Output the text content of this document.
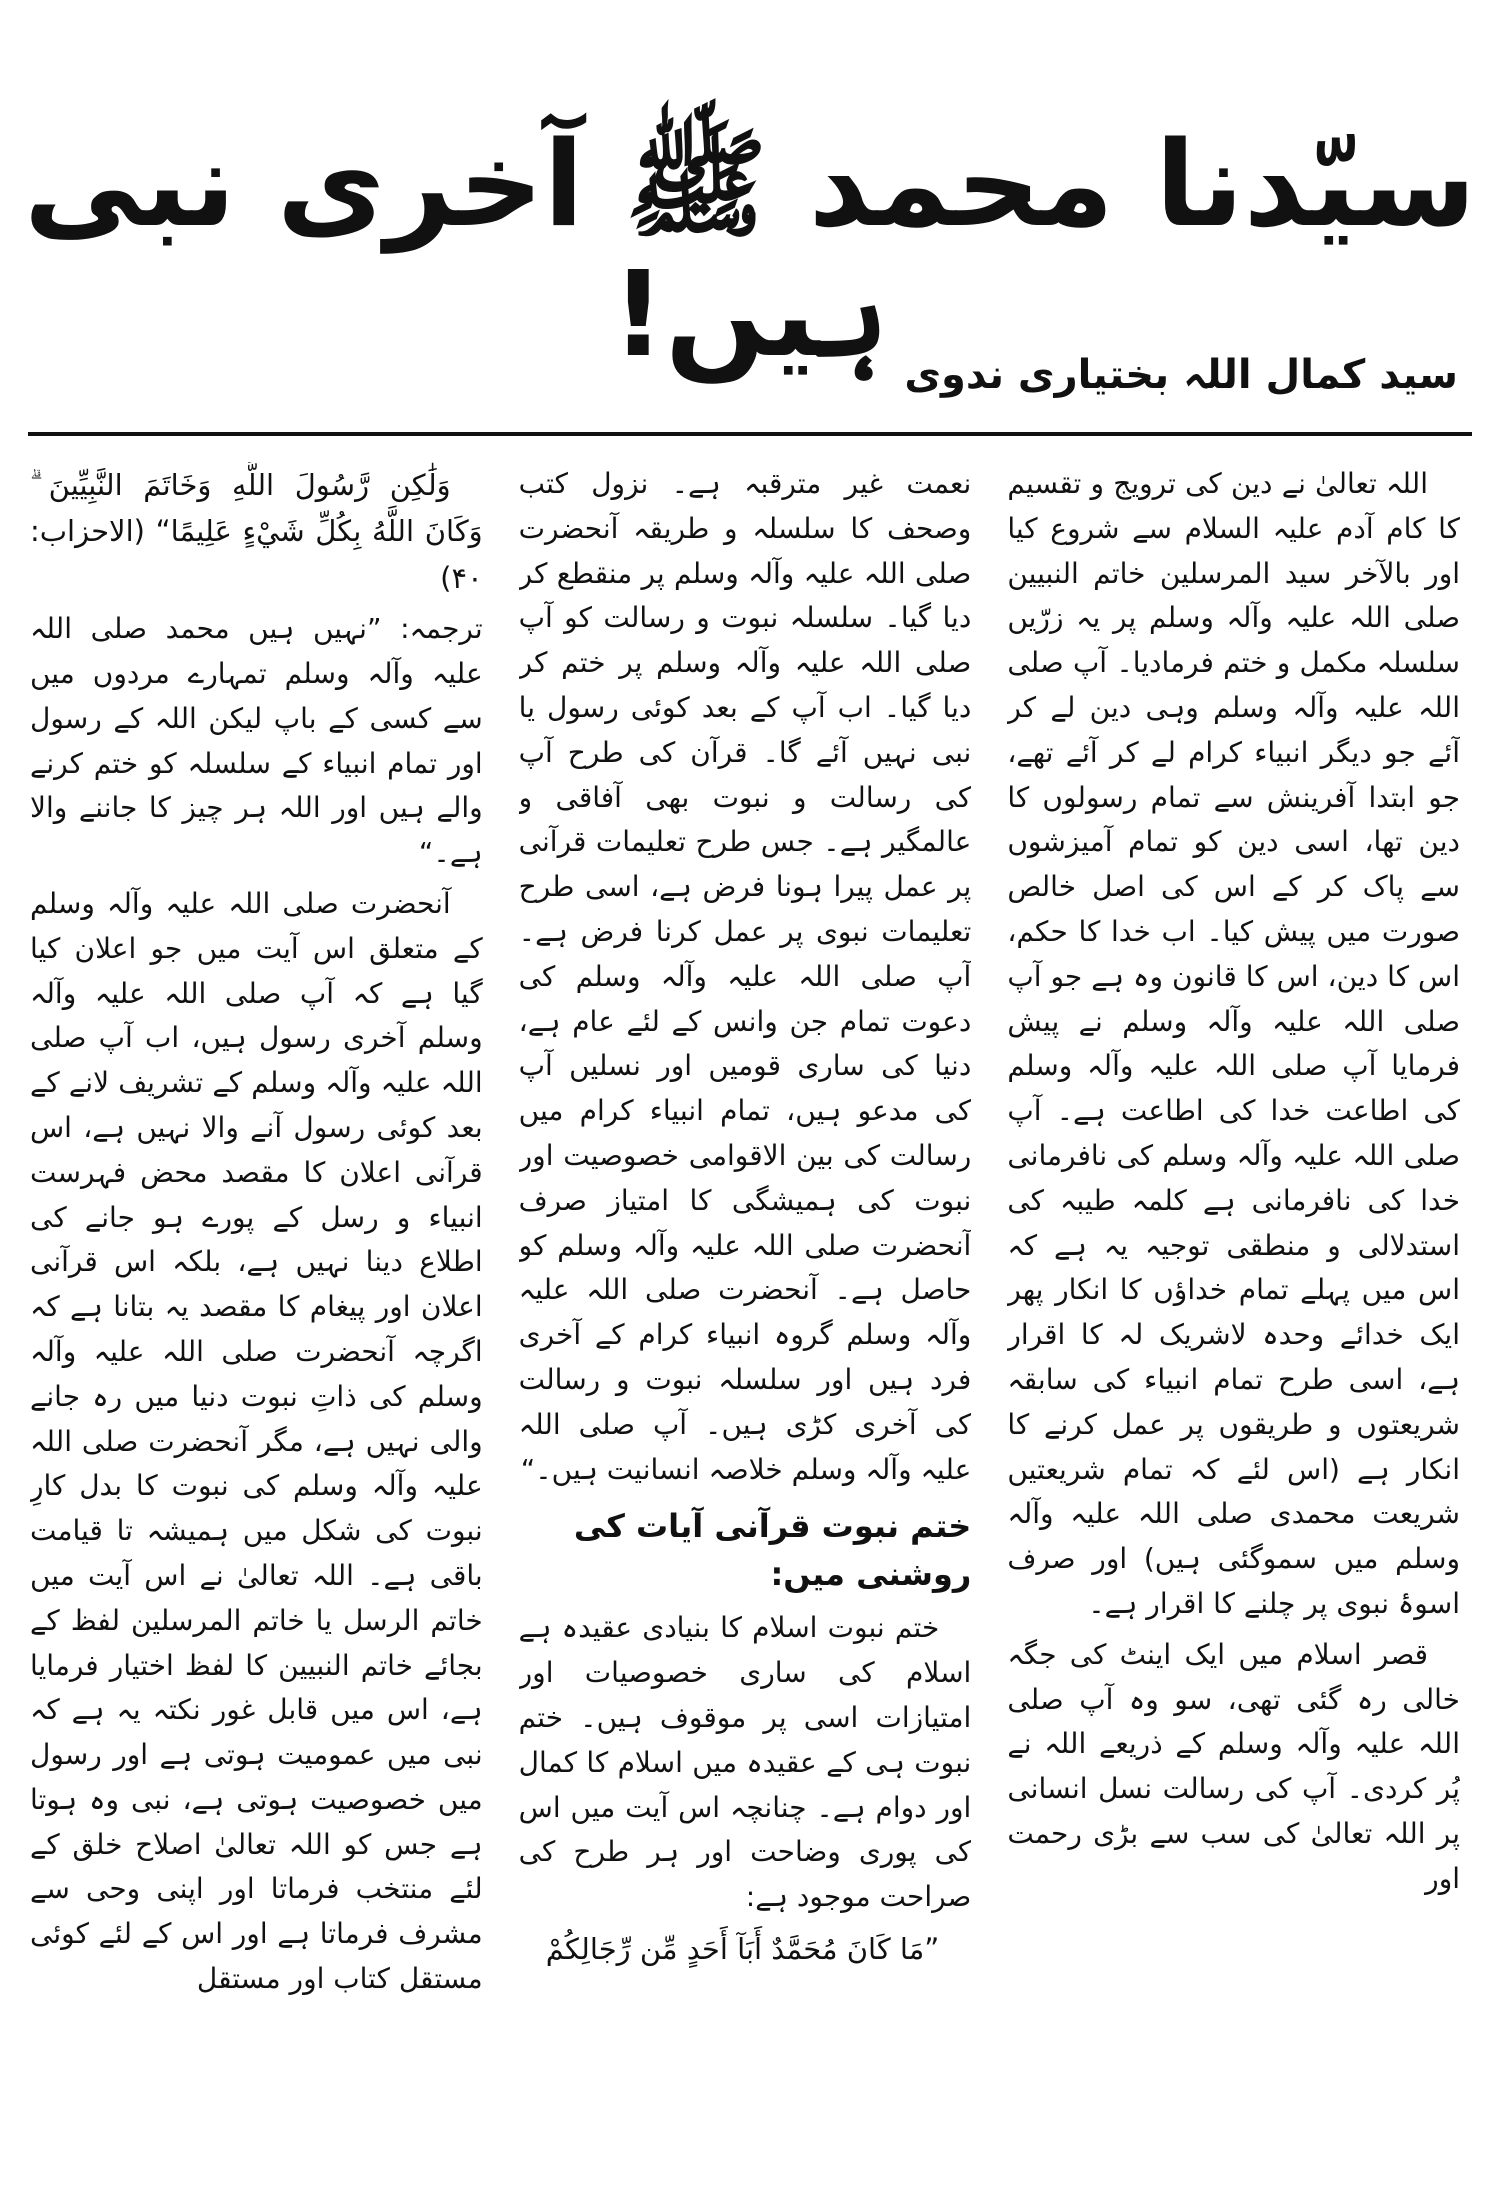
سیّدنا محمد ﷺ آخری نبی ہیں! سید کمال اللہ بختیاری ندوی

اللہ تعالیٰ نے دین کی ترویج و تقسیم کا کام آدم علیہ السلام سے شروع کیا اور بالآخر سید المرسلین خاتم النبیین صلی اللہ علیہ وآلہ وسلم پر یہ زرّیں سلسلہ مکمل و ختم فرمادیا۔ آپ صلی اللہ علیہ وآلہ وسلم وہی دین لے کر آئے جو دیگر انبیاء کرام لے کر آئے تھے، جو ابتدا آفرینش سے تمام رسولوں کا دین تھا، اسی دین کو تمام آمیزشوں سے پاک کر کے اس کی اصل خالص صورت میں پیش کیا۔ اب خدا کا حکم، اس کا دین، اس کا قانون وہ ہے جو آپ صلی اللہ علیہ وآلہ وسلم نے پیش فرمایا آپ صلی اللہ علیہ وآلہ وسلم کی اطاعت خدا کی اطاعت ہے۔ آپ صلی اللہ علیہ وآلہ وسلم کی نافرمانی خدا کی نافرمانی ہے کلمہ طیبہ کی استدلالی و منطقی توجیہ یہ ہے کہ اس میں پہلے تمام خداؤں کا انکار پھر ایک خدائے وحدہ لاشریک لہ کا اقرار ہے، اسی طرح تمام انبیاء کی سابقہ شریعتوں و طریقوں پر عمل کرنے کا انکار ہے (اس لئے کہ تمام شریعتیں شریعت محمدی صلی اللہ علیہ وآلہ وسلم میں سموگئی ہیں) اور صرف اسوۂ نبوی پر چلنے کا اقرار ہے۔

قصر اسلام میں ایک اینٹ کی جگہ خالی رہ گئی تھی، سو وہ آپ صلی اللہ علیہ وآلہ وسلم کے ذریعے اللہ نے پُر کردی۔ آپ کی رسالت نسل انسانی پر اللہ تعالیٰ کی سب سے بڑی رحمت اور

نعمت غیر مترقبہ ہے۔ نزول کتب وصحف کا سلسلہ و طریقہ آنحضرت صلی اللہ علیہ وآلہ وسلم پر منقطع کر دیا گیا۔ سلسلہ نبوت و رسالت کو آپ صلی اللہ علیہ وآلہ وسلم پر ختم کر دیا گیا۔ اب آپ کے بعد کوئی رسول یا نبی نہیں آئے گا۔ قرآن کی طرح آپ کی رسالت و نبوت بھی آفاقی و عالمگیر ہے۔ جس طرح تعلیمات قرآنی پر عمل پیرا ہونا فرض ہے، اسی طرح تعلیمات نبوی پر عمل کرنا فرض ہے۔ آپ صلی اللہ علیہ وآلہ وسلم کی دعوت تمام جن وانس کے لئے عام ہے، دنیا کی ساری قومیں اور نسلیں آپ کی مدعو ہیں، تمام انبیاء کرام میں رسالت کی بین الاقوامی خصوصیت اور نبوت کی ہمیشگی کا امتیاز صرف آنحضرت صلی اللہ علیہ وآلہ وسلم کو حاصل ہے۔ آنحضرت صلی اللہ علیہ وآلہ وسلم گروہ انبیاء کرام کے آخری فرد ہیں اور سلسلہ نبوت و رسالت کی آخری کڑی ہیں۔ آپ صلی اللہ علیہ وآلہ وسلم خلاصہ انسانیت ہیں۔“

ختم نبوت قرآنی آیات کی روشنی میں:

ختم نبوت اسلام کا بنیادی عقیدہ ہے اسلام کی ساری خصوصیات اور امتیازات اسی پر موقوف ہیں۔ ختم نبوت ہی کے عقیدہ میں اسلام کا کمال اور دوام ہے۔ چنانچہ اس آیت میں اس کی پوری وضاحت اور ہر طرح کی صراحت موجود ہے:

”مَا كَانَ مُحَمَّدٌ أَبَآ أَحَدٍ مِّن رِّجَالِكُمْ

وَلَٰكِن رَّسُولَ اللَّهِ وَخَاتَمَ النَّبِيِّينَ ۗ وَكَانَ اللَّهُ بِكُلِّ شَيْءٍ عَلِيمًا“ (الاحزاب: ۴۰)

ترجمہ: ”نہیں ہیں محمد صلی اللہ علیہ وآلہ وسلم تمہارے مردوں میں سے کسی کے باپ لیکن اللہ کے رسول اور تمام انبیاء کے سلسلہ کو ختم کرنے والے ہیں اور اللہ ہر چیز کا جاننے والا ہے۔“

آنحضرت صلی اللہ علیہ وآلہ وسلم کے متعلق اس آیت میں جو اعلان کیا گیا ہے کہ آپ صلی اللہ علیہ وآلہ وسلم آخری رسول ہیں، اب آپ صلی اللہ علیہ وآلہ وسلم کے تشریف لانے کے بعد کوئی رسول آنے والا نہیں ہے، اس قرآنی اعلان کا مقصد محض فہرست انبیاء و رسل کے پورے ہو جانے کی اطلاع دینا نہیں ہے، بلکہ اس قرآنی اعلان اور پیغام کا مقصد یہ بتانا ہے کہ اگرچہ آنحضرت صلی اللہ علیہ وآلہ وسلم کی ذاتِ نبوت دنیا میں رہ جانے والی نہیں ہے، مگر آنحضرت صلی اللہ علیہ وآلہ وسلم کی نبوت کا بدل کارِ نبوت کی شکل میں ہمیشہ تا قیامت باقی ہے۔ اللہ تعالیٰ نے اس آیت میں خاتم الرسل یا خاتم المرسلین لفظ کے بجائے خاتم النبیین کا لفظ اختیار فرمایا ہے، اس میں قابل غور نکتہ یہ ہے کہ نبی میں عمومیت ہوتی ہے اور رسول میں خصوصیت ہوتی ہے، نبی وہ ہوتا ہے جس کو اللہ تعالیٰ اصلاح خلق کے لئے منتخب فرماتا اور اپنی وحی سے مشرف فرماتا ہے اور اس کے لئے کوئی مستقل کتاب اور مستقل
